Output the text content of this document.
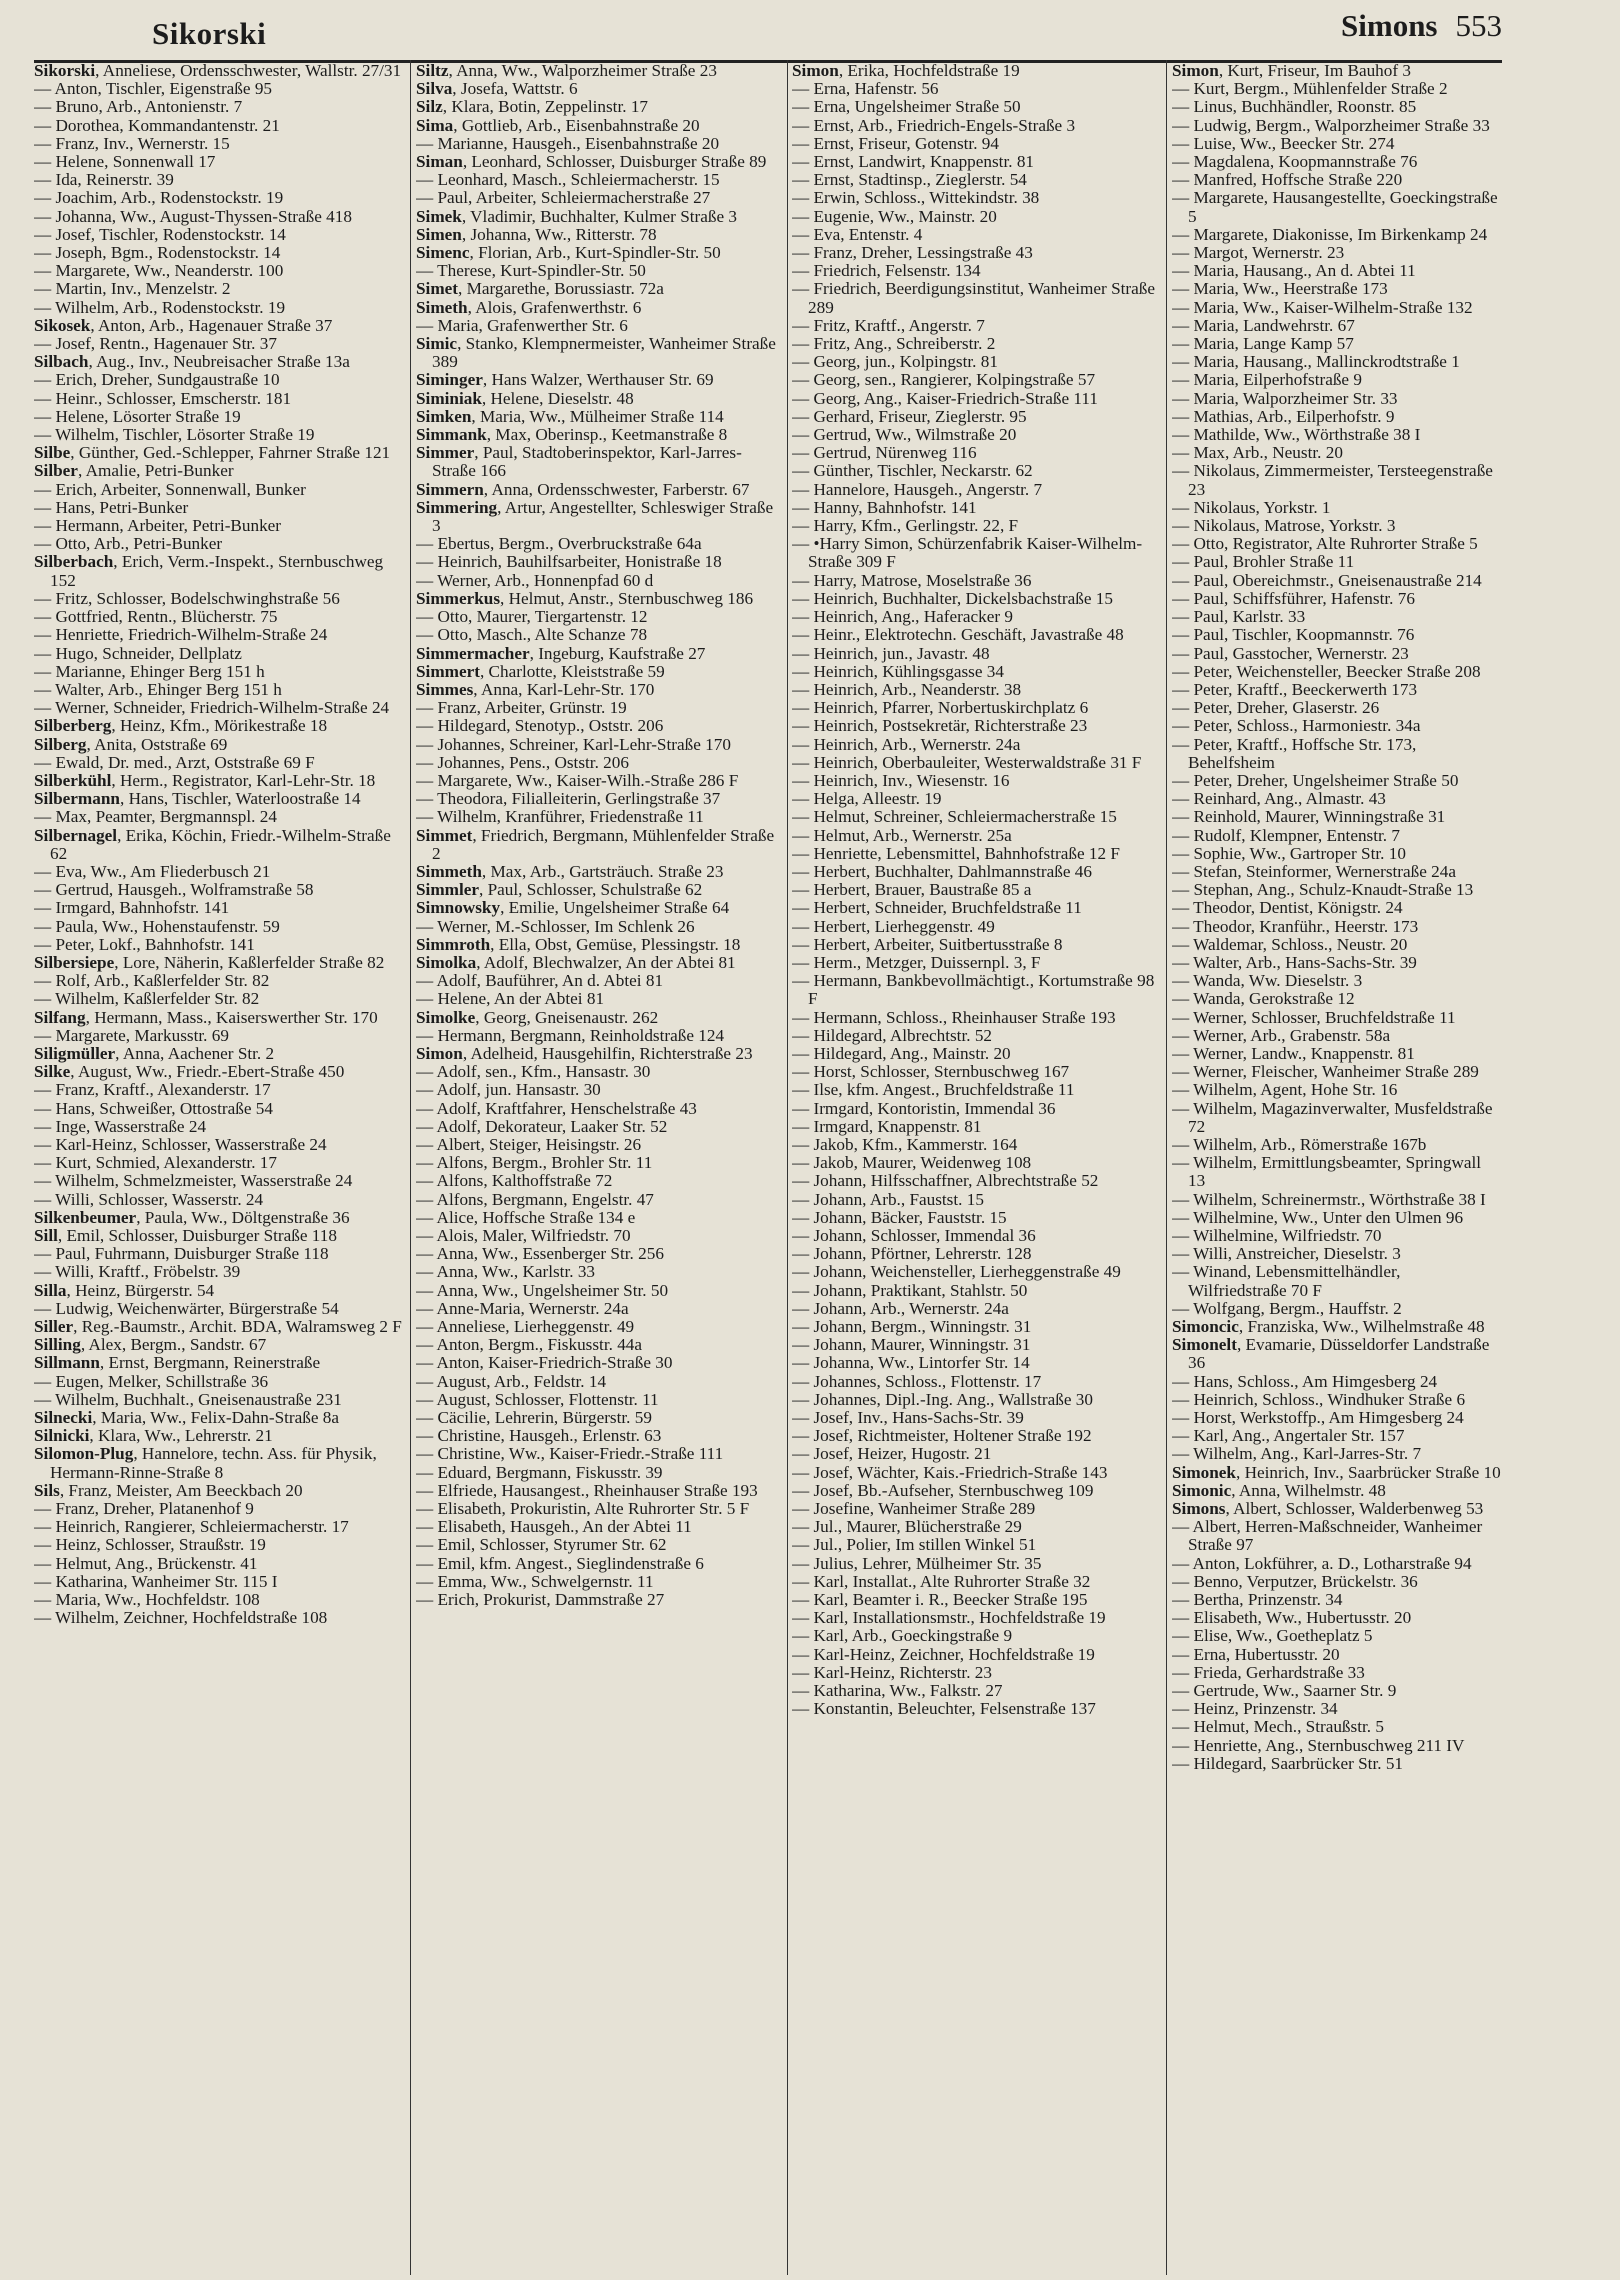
Sikorski	Simons 553

Sikorski, Anneliese, Ordensschwester, Wallstr. 27/31

— Anton, Tischler, Eigenstraße 95

— Bruno, Arb., Antonienstr. 7

— Dorothea, Kommandantenstr. 21

— Franz, Inv., Wernerstr. 15

— Helene, Sonnenwall 17

— Ida, Reinerstr. 39

— Joachim, Arb., Rodenstockstr. 19

— Johanna, Ww., August-Thyssen-Straße 418

— Josef, Tischler, Rodenstockstr. 14

— Joseph, Bgm., Rodenstockstr. 14

— Margarete, Ww., Neanderstr. 100

— Martin, Inv., Menzelstr. 2

— Wilhelm, Arb., Rodenstockstr. 19

Sikosek, Anton, Arb., Hagenauer Straße 37

— Josef, Rentn., Hagenauer Str. 37

Silbach, Aug., Inv., Neubreisacher Straße 13a

— Erich, Dreher, Sundgaustraße 10

— Heinr., Schlosser, Emscherstr. 181

— Helene, Lösorter Straße 19

— Wilhelm, Tischler, Lösorter Straße 19

Silbe, Günther, Ged.-Schlepper, Fahrner Straße 121

Silber, Amalie, Petri-Bunker

— Erich, Arbeiter, Sonnenwall, Bunker

— Hans, Petri-Bunker

— Hermann, Arbeiter, Petri-Bunker

— Otto, Arb., Petri-Bunker

Silberbach, Erich, Verm.-Inspekt., Sternbuschweg 152

— Fritz, Schlosser, Bodelschwinghstraße 56

— Gottfried, Rentn., Blücherstr. 75

— Henriette, Friedrich-Wilhelm-Straße 24

— Hugo, Schneider, Dellplatz

— Marianne, Ehinger Berg 151 h

— Walter, Arb., Ehinger Berg 151 h

— Werner, Schneider, Friedrich-Wilhelm-Straße 24

Silberberg, Heinz, Kfm., Mörikestraße 18

Silberg, Anita, Oststraße 69

— Ewald, Dr. med., Arzt, Oststraße 69 F

Silberkühl, Herm., Registrator, Karl-Lehr-Str. 18

Silbermann, Hans, Tischler, Waterloostraße 14

— Max, Peamter, Bergmannspl. 24

Silbernagel, Erika, Köchin, Friedr.-Wilhelm-Straße 62

— Eva, Ww., Am Fliederbusch 21

— Gertrud, Hausgeh., Wolframstraße 58

— Irmgard, Bahnhofstr. 141

— Paula, Ww., Hohenstaufenstr. 59

— Peter, Lokf., Bahnhofstr. 141

Silbersiepe, Lore, Näherin, Kaßlerfelder Straße 82

— Rolf, Arb., Kaßlerfelder Str. 82

— Wilhelm, Kaßlerfelder Str. 82

Silfang, Hermann, Mass., Kaiserswerther Str. 170

— Margarete, Markusstr. 69

Siligmüller, Anna, Aachener Str. 2

Silke, August, Ww., Friedr.-Ebert-Straße 450

— Franz, Kraftf., Alexanderstr. 17

— Hans, Schweißer, Ottostraße 54

— Inge, Wasserstraße 24

— Karl-Heinz, Schlosser, Wasserstraße 24

— Kurt, Schmied, Alexanderstr. 17

— Wilhelm, Schmelzmeister, Wasserstraße 24

— Willi, Schlosser, Wasserstr. 24

Silkenbeumer, Paula, Ww., Döltgenstraße 36

Sill, Emil, Schlosser, Duisburger Straße 118

— Paul, Fuhrmann, Duisburger Straße 118

— Willi, Kraftf., Fröbelstr. 39

Silla, Heinz, Bürgerstr. 54

— Ludwig, Weichenwärter, Bürgerstraße 54

Siller, Reg.-Baumstr., Archit. BDA, Walramsweg 2 F

Silling, Alex, Bergm., Sandstr. 67

Sillmann, Ernst, Bergmann, Reinerstraße

— Eugen, Melker, Schillstraße 36

— Wilhelm, Buchhalt., Gneisenaustraße 231

Silnecki, Maria, Ww., Felix-Dahn-Straße 8a

Silnicki, Klara, Ww., Lehrerstr. 21

Silomon-Plug, Hannelore, techn. Ass. für Physik, Hermann-Rinne-Straße 8

Sils, Franz, Meister, Am Beeckbach 20

— Franz, Dreher, Platanenhof 9

— Heinrich, Rangierer, Schleiermacherstr. 17

— Heinz, Schlosser, Straußstr. 19

— Helmut, Ang., Brückenstr. 41

— Katharina, Wanheimer Str. 115 I

— Maria, Ww., Hochfeldstr. 108

— Wilhelm, Zeichner, Hochfeldstraße 108

Siltz, Anna, Ww., Walporzheimer Straße 23

Silva, Josefa, Wattstr. 6

Silz, Klara, Botin, Zeppelinstr. 17

Sima, Gottlieb, Arb., Eisenbahnstraße 20

— Marianne, Hausgeh., Eisenbahnstraße 20

Siman, Leonhard, Schlosser, Duisburger Straße 89

— Leonhard, Masch., Schleiermacherstr. 15

— Paul, Arbeiter, Schleiermacherstraße 27

Simek, Vladimir, Buchhalter, Kulmer Straße 3

Simen, Johanna, Ww., Ritterstr. 78

Simenc, Florian, Arb., Kurt-Spindler-Str. 50

— Therese, Kurt-Spindler-Str. 50

Simet, Margarethe, Borussiastr. 72a

Simeth, Alois, Grafenwerthstr. 6

— Maria, Grafenwerther Str. 6

Simic, Stanko, Klempnermeister, Wanheimer Straße 389

Siminger, Hans Walzer, Werthauser Str. 69

Siminiak, Helene, Dieselstr. 48

Simken, Maria, Ww., Mülheimer Straße 114

Simmank, Max, Oberinsp., Keetmanstraße 8

Simmer, Paul, Stadtoberinspektor, Karl-Jarres-Straße 166

Simmern, Anna, Ordensschwester, Farberstr. 67

Simmering, Artur, Angestellter, Schleswiger Straße 3

— Ebertus, Bergm., Overbruckstraße 64a

— Heinrich, Bauhilfsarbeiter, Honistraße 18

— Werner, Arb., Honnenpfad 60 d

Simmerkus, Helmut, Anstr., Sternbuschweg 186

— Otto, Maurer, Tiergartenstr. 12

— Otto, Masch., Alte Schanze 78

Simmermacher, Ingeburg, Kaufstraße 27

Simmert, Charlotte, Kleiststraße 59

Simmes, Anna, Karl-Lehr-Str. 170

— Franz, Arbeiter, Grünstr. 19

— Hildegard, Stenotyp., Oststr. 206

— Johannes, Schreiner, Karl-Lehr-Straße 170

— Johannes, Pens., Oststr. 206

— Margarete, Ww., Kaiser-Wilh.-Straße 286 F

— Theodora, Filialleiterin, Gerlingstraße 37

— Wilhelm, Kranführer, Friedenstraße 11

Simmet, Friedrich, Bergmann, Mühlenfelder Straße 2

Simmeth, Max, Arb., Gartsträuch. Straße 23

Simmler, Paul, Schlosser, Schulstraße 62

Simnowsky, Emilie, Ungelsheimer Straße 64

— Werner, M.-Schlosser, Im Schlenk 26

Simmroth, Ella, Obst, Gemüse, Plessingstr. 18

Simolka, Adolf, Blechwalzer, An der Abtei 81

— Adolf, Bauführer, An d. Abtei 81

— Helene, An der Abtei 81

Simolke, Georg, Gneisenaustr. 262

— Hermann, Bergmann, Reinholdstraße 124

Simon, Adelheid, Hausgehilfin, Richterstraße 23

— Adolf, sen., Kfm., Hansastr. 30

— Adolf, jun. Hansastr. 30

— Adolf, Kraftfahrer, Henschelstraße 43

— Adolf, Dekorateur, Laaker Str. 52

— Albert, Steiger, Heisingstr. 26

— Alfons, Bergm., Brohler Str. 11

— Alfons, Kalthoffstraße 72

— Alfons, Bergmann, Engelstr. 47

— Alice, Hoffsche Straße 134 e

— Alois, Maler, Wilfriedstr. 70

— Anna, Ww., Essenberger Str. 256

— Anna, Ww., Karlstr. 33

— Anna, Ww., Ungelsheimer Str. 50

— Anne-Maria, Wernerstr. 24a

— Anneliese, Lierheggenstr. 49

— Anton, Bergm., Fiskusstr. 44a

— Anton, Kaiser-Friedrich-Straße 30

— August, Arb., Feldstr. 14

— August, Schlosser, Flottenstr. 11

— Cäcilie, Lehrerin, Bürgerstr. 59

— Christine, Hausgeh., Erlenstr. 63

— Christine, Ww., Kaiser-Friedr.-Straße 111

— Eduard, Bergmann, Fiskusstr. 39

— Elfriede, Hausangest., Rheinhauser Straße 193

— Elisabeth, Prokuristin, Alte Ruhrorter Str. 5 F

— Elisabeth, Hausgeh., An der Abtei 11

— Emil, Schlosser, Styrumer Str. 62

— Emil, kfm. Angest., Sieglindenstraße 6

— Emma, Ww., Schwelgernstr. 11

— Erich, Prokurist, Dammstraße 27

Simon, Erika, Hochfeldstraße 19

— Erna, Hafenstr. 56

— Erna, Ungelsheimer Straße 50

— Ernst, Arb., Friedrich-Engels-Straße 3

— Ernst, Friseur, Gotenstr. 94

— Ernst, Landwirt, Knappenstr. 81

— Ernst, Stadtinsp., Zieglerstr. 54

— Erwin, Schloss., Wittekindstr. 38

— Eugenie, Ww., Mainstr. 20

— Eva, Entenstr. 4

— Franz, Dreher, Lessingstraße 43

— Friedrich, Felsenstr. 134

— Friedrich, Beerdigungsinstitut, Wanheimer Straße 289

— Fritz, Kraftf., Angerstr. 7

— Fritz, Ang., Schreiberstr. 2

— Georg, jun., Kolpingstr. 81

— Georg, sen., Rangierer, Kolpingstraße 57

— Georg, Ang., Kaiser-Friedrich-Straße 111

— Gerhard, Friseur, Zieglerstr. 95

— Gertrud, Ww., Wilmstraße 20

— Gertrud, Nürenweg 116

— Günther, Tischler, Neckarstr. 62

— Hannelore, Hausgeh., Angerstr. 7

— Hanny, Bahnhofstr. 141

— Harry, Kfm., Gerlingstr. 22, F

— •Harry Simon, Schürzenfabrik Kaiser-Wilhelm-Straße 309 F

— Harry, Matrose, Moselstraße 36

— Heinrich, Buchhalter, Dickelsbachstraße 15

— Heinrich, Ang., Haferacker 9

— Heinr., Elektrotechn. Geschäft, Javastraße 48

— Heinrich, jun., Javastr. 48

— Heinrich, Kühlingsgasse 34

— Heinrich, Arb., Neanderstr. 38

— Heinrich, Pfarrer, Norbertuskirchplatz 6

— Heinrich, Postsekretär, Richterstraße 23

— Heinrich, Arb., Wernerstr. 24a

— Heinrich, Oberbauleiter, Westerwaldstraße 31 F

— Heinrich, Inv., Wiesenstr. 16

— Helga, Alleestr. 19

— Helmut, Schreiner, Schleiermacherstraße 15

— Helmut, Arb., Wernerstr. 25a

— Henriette, Lebensmittel, Bahnhofstraße 12 F

— Herbert, Buchhalter, Dahlmannstraße 46

— Herbert, Brauer, Baustraße 85 a

— Herbert, Schneider, Bruchfeldstraße 11

— Herbert, Lierheggenstr. 49

— Herbert, Arbeiter, Suitbertusstraße 8

— Herm., Metzger, Duissernpl. 3, F

— Hermann, Bankbevollmächtigt., Kortumstraße 98 F

— Hermann, Schloss., Rheinhauser Straße 193

— Hildegard, Albrechtstr. 52

— Hildegard, Ang., Mainstr. 20

— Horst, Schlosser, Sternbuschweg 167

— Ilse, kfm. Angest., Bruchfeldstraße 11

— Irmgard, Kontoristin, Immendal 36

— Irmgard, Knappenstr. 81

— Jakob, Kfm., Kammerstr. 164

— Jakob, Maurer, Weidenweg 108

— Johann, Hilfsschaffner, Albrechtstraße 52

— Johann, Arb., Faustst. 15

— Johann, Bäcker, Fauststr. 15

— Johann, Schlosser, Immendal 36

— Johann, Pförtner, Lehrerstr. 128

— Johann, Weichensteller, Lierheggenstraße 49

— Johann, Praktikant, Stahlstr. 50

— Johann, Arb., Wernerstr. 24a

— Johann, Bergm., Winningstr. 31

— Johann, Maurer, Winningstr. 31

— Johanna, Ww., Lintorfer Str. 14

— Johannes, Schloss., Flottenstr. 17

— Johannes, Dipl.-Ing. Ang., Wallstraße 30

— Josef, Inv., Hans-Sachs-Str. 39

— Josef, Richtmeister, Holtener Straße 192

— Josef, Heizer, Hugostr. 21

— Josef, Wächter, Kais.-Friedrich-Straße 143

— Josef, Bb.-Aufseher, Sternbuschweg 109

— Josefine, Wanheimer Straße 289

— Jul., Maurer, Blücherstraße 29

— Jul., Polier, Im stillen Winkel 51

— Julius, Lehrer, Mülheimer Str. 35

— Karl, Installat., Alte Ruhrorter Straße 32

— Karl, Beamter i. R., Beecker Straße 195

— Karl, Installationsmstr., Hochfeldstraße 19

— Karl, Arb., Goeckingstraße 9

— Karl-Heinz, Zeichner, Hochfeldstraße 19

— Karl-Heinz, Richterstr. 23

— Katharina, Ww., Falkstr. 27

— Konstantin, Beleuchter, Felsenstraße 137

Simon, Kurt, Friseur, Im Bauhof 3

— Kurt, Bergm., Mühlenfelder Straße 2

— Linus, Buchhändler, Roonstr. 85

— Ludwig, Bergm., Walporzheimer Straße 33

— Luise, Ww., Beecker Str. 274

— Magdalena, Koopmannstraße 76

— Manfred, Hoffsche Straße 220

— Margarete, Hausangestellte, Goeckingstraße 5

— Margarete, Diakonisse, Im Birkenkamp 24

— Margot, Wernerstr. 23

— Maria, Hausang., An d. Abtei 11

— Maria, Ww., Heerstraße 173

— Maria, Ww., Kaiser-Wilhelm-Straße 132

— Maria, Landwehrstr. 67

— Maria, Lange Kamp 57

— Maria, Hausang., Mallinckrodtstraße 1

— Maria, Eilperhofstraße 9

— Maria, Walporzheimer Str. 33

— Mathias, Arb., Eilperhofstr. 9

— Mathilde, Ww., Wörthstraße 38 I

— Max, Arb., Neustr. 20

— Nikolaus, Zimmermeister, Tersteegenstraße 23

— Nikolaus, Yorkstr. 1

— Nikolaus, Matrose, Yorkstr. 3

— Otto, Registrator, Alte Ruhrorter Straße 5

— Paul, Brohler Straße 11

— Paul, Obereichmstr., Gneisenaustraße 214

— Paul, Schiffsführer, Hafenstr. 76

— Paul, Karlstr. 33

— Paul, Tischler, Koopmannstr. 76

— Paul, Gasstocher, Wernerstr. 23

— Peter, Weichensteller, Beecker Straße 208

— Peter, Kraftf., Beeckerwerth 173

— Peter, Dreher, Glaserstr. 26

— Peter, Schloss., Harmoniestr. 34a

— Peter, Kraftf., Hoffsche Str. 173, Behelfsheim

— Peter, Dreher, Ungelsheimer Straße 50

— Reinhard, Ang., Almastr. 43

— Reinhold, Maurer, Winningstraße 31

— Rudolf, Klempner, Entenstr. 7

— Sophie, Ww., Gartroper Str. 10

— Stefan, Steinformer, Wernerstraße 24a

— Stephan, Ang., Schulz-Knaudt-Straße 13

— Theodor, Dentist, Königstr. 24

— Theodor, Kranführ., Heerstr. 173

— Waldemar, Schloss., Neustr. 20

— Walter, Arb., Hans-Sachs-Str. 39

— Wanda, Ww. Dieselstr. 3

— Wanda, Gerokstraße 12

— Werner, Schlosser, Bruchfeldstraße 11

— Werner, Arb., Grabenstr. 58a

— Werner, Landw., Knappenstr. 81

— Werner, Fleischer, Wanheimer Straße 289

— Wilhelm, Agent, Hohe Str. 16

— Wilhelm, Magazinverwalter, Musfeldstraße 72

— Wilhelm, Arb., Römerstraße 167b

— Wilhelm, Ermittlungsbeamter, Springwall 13

— Wilhelm, Schreinermstr., Wörthstraße 38 I

— Wilhelmine, Ww., Unter den Ulmen 96

— Wilhelmine, Wilfriedstr. 70

— Willi, Anstreicher, Dieselstr. 3

— Winand, Lebensmittelhändler, Wilfriedstraße 70 F

— Wolfgang, Bergm., Hauffstr. 2

Simoncic, Franziska, Ww., Wilhelmstraße 48

Simonelt, Evamarie, Düsseldorfer Landstraße 36

— Hans, Schloss., Am Himgesberg 24

— Heinrich, Schloss., Windhuker Straße 6

— Horst, Werkstoffp., Am Himgesberg 24

— Karl, Ang., Angertaler Str. 157

— Wilhelm, Ang., Karl-Jarres-Str. 7

Simonek, Heinrich, Inv., Saarbrücker Straße 10

Simonic, Anna, Wilhelmstr. 48

Simons, Albert, Schlosser, Walderbenweg 53

— Albert, Herren-Maßschneider, Wanheimer Straße 97

— Anton, Lokführer, a. D., Lotharstraße 94

— Benno, Verputzer, Brückelstr. 36

— Bertha, Prinzenstr. 34

— Elisabeth, Ww., Hubertusstr. 20

— Elise, Ww., Goetheplatz 5

— Erna, Hubertusstr. 20

— Frieda, Gerhardstraße 33

— Gertrude, Ww., Saarner Str. 9

— Heinz, Prinzenstr. 34

— Helmut, Mech., Straußstr. 5

— Henriette, Ang., Sternbuschweg 211 IV

— Hildegard, Saarbrücker Str. 51
